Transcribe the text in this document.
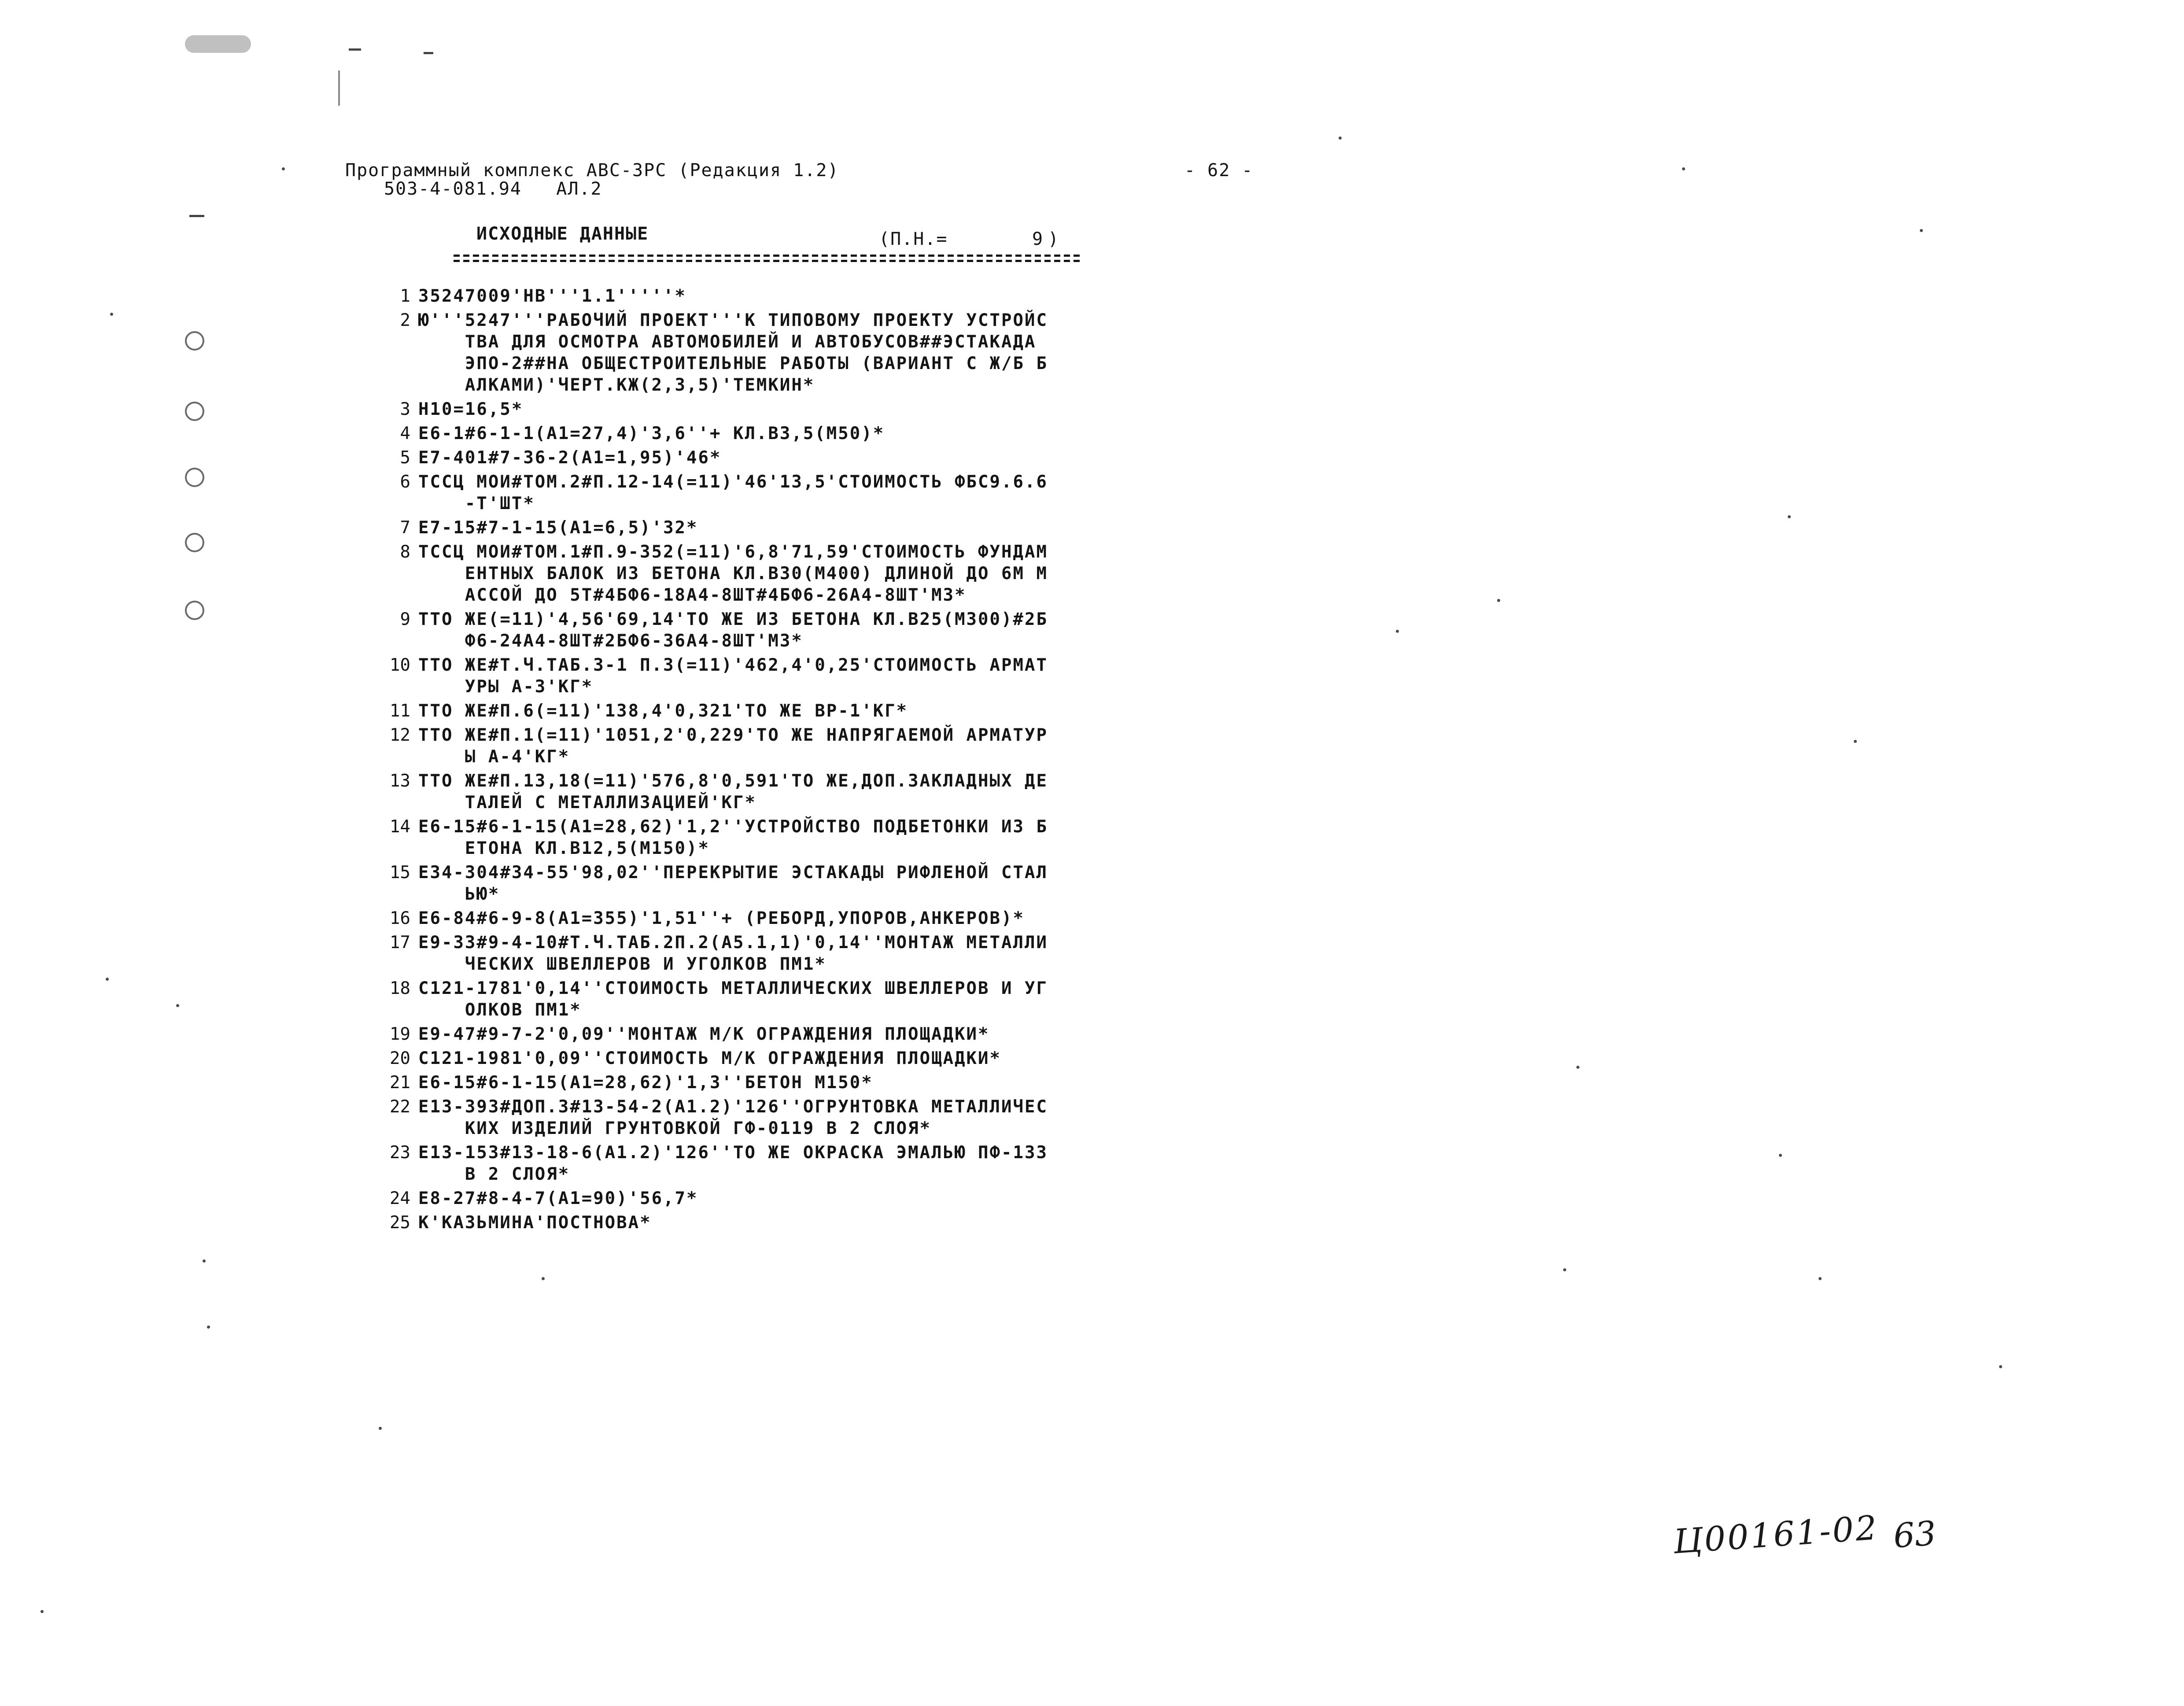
Программный комплекс АВС-3РС (Редакция 1.2)
503-4-081.94   АЛ.2
- 62 -
ИСХОДНЫЕ ДАННЫЕ	(П.Н.=	9 )
1 35247009'НВ'''1.1'''''*
2 Ю'''5247'''РАБОЧИЙ ПРОЕКТ'''К ТИПОВОМУ ПРОЕКТУ УСТРОЙС
ТВА ДЛЯ ОСМОТРА АВТОМОБИЛЕЙ И АВТОБУСОВ##ЭСТАКАДА
ЭПО-2##НА ОБЩЕСТРОИТЕЛЬНЫЕ РАБОТЫ (ВАРИАНТ С Ж/Б Б
АЛКАМИ)'ЧЕРТ.КЖ(2,3,5)'ТЕМКИН*
3 Н10=16,5*
4 Е6-1#6-1-1(А1=27,4)'3,6''+ КЛ.В3,5(М50)*
5 Е7-401#7-36-2(А1=1,95)'46*
6 ТССЦ МОИ#ТОМ.2#П.12-14(=11)'46'13,5'СТОИМОСТЬ ФБС9.6.6
-Т'ШТ*
7 Е7-15#7-1-15(А1=6,5)'32*
8 ТССЦ МОИ#ТОМ.1#П.9-352(=11)'6,8'71,59'СТОИМОСТЬ ФУНДАМ
ЕНТНЫХ БАЛОК ИЗ БЕТОНА КЛ.В30(М400) ДЛИНОЙ ДО 6М М
АССОЙ ДО 5Т#4БФ6-18А4-8ШТ#4БФ6-26А4-8ШТ'М3*
9 ТТО ЖЕ(=11)'4,56'69,14'ТО ЖЕ ИЗ БЕТОНА КЛ.В25(М300)#2Б
Ф6-24А4-8ШТ#2БФ6-36А4-8ШТ'М3*
10 ТТО ЖЕ#Т.Ч.ТАБ.3-1 П.3(=11)'462,4'0,25'СТОИМОСТЬ АРМАТ
УРЫ А-3'КГ*
11 ТТО ЖЕ#П.6(=11)'138,4'0,321'ТО ЖЕ ВР-1'КГ*
12 ТТО ЖЕ#П.1(=11)'1051,2'0,229'ТО ЖЕ НАПРЯГАЕМОЙ АРМАТУР
Ы А-4'КГ*
13 ТТО ЖЕ#П.13,18(=11)'576,8'0,591'ТО ЖЕ,ДОП.ЗАКЛАДНЫХ ДЕ
ТАЛЕЙ С МЕТАЛЛИЗАЦИЕЙ'КГ*
14 Е6-15#6-1-15(А1=28,62)'1,2''УСТРОЙСТВО ПОДБЕТОНКИ ИЗ Б
ЕТОНА КЛ.В12,5(М150)*
15 Е34-304#34-55'98,02''ПЕРЕКРЫТИЕ ЭСТАКАДЫ РИФЛЕНОЙ СТАЛ
ЬЮ*
16 Е6-84#6-9-8(А1=355)'1,51''+ (РЕБОРД,УПОРОВ,АНКЕРОВ)*
17 Е9-33#9-4-10#Т.Ч.ТАБ.2П.2(А5.1,1)'0,14''МОНТАЖ МЕТАЛЛИ
ЧЕСКИХ ШВЕЛЛЕРОВ И УГОЛКОВ ПМ1*
18 С121-1781'0,14''СТОИМОСТЬ МЕТАЛЛИЧЕСКИХ ШВЕЛЛЕРОВ И УГ
ОЛКОВ ПМ1*
19 Е9-47#9-7-2'0,09''МОНТАЖ М/К ОГРАЖДЕНИЯ ПЛОЩАДКИ*
20 С121-1981'0,09''СТОИМОСТЬ М/К ОГРАЖДЕНИЯ ПЛОЩАДКИ*
21 Е6-15#6-1-15(А1=28,62)'1,3''БЕТОН М150*
22 Е13-393#ДОП.3#13-54-2(А1.2)'126''ОГРУНТОВКА МЕТАЛЛИЧЕС
КИХ ИЗДЕЛИЙ ГРУНТОВКОЙ ГФ-0119 В 2 СЛОЯ*
23 Е13-153#13-18-6(А1.2)'126''ТО ЖЕ ОКРАСКА ЭМАЛЬЮ ПФ-133
В 2 СЛОЯ*
24 Е8-27#8-4-7(А1=90)'56,7*
25 К'КАЗЬМИНА'ПОСТНОВА*
Ц00161-02 63
